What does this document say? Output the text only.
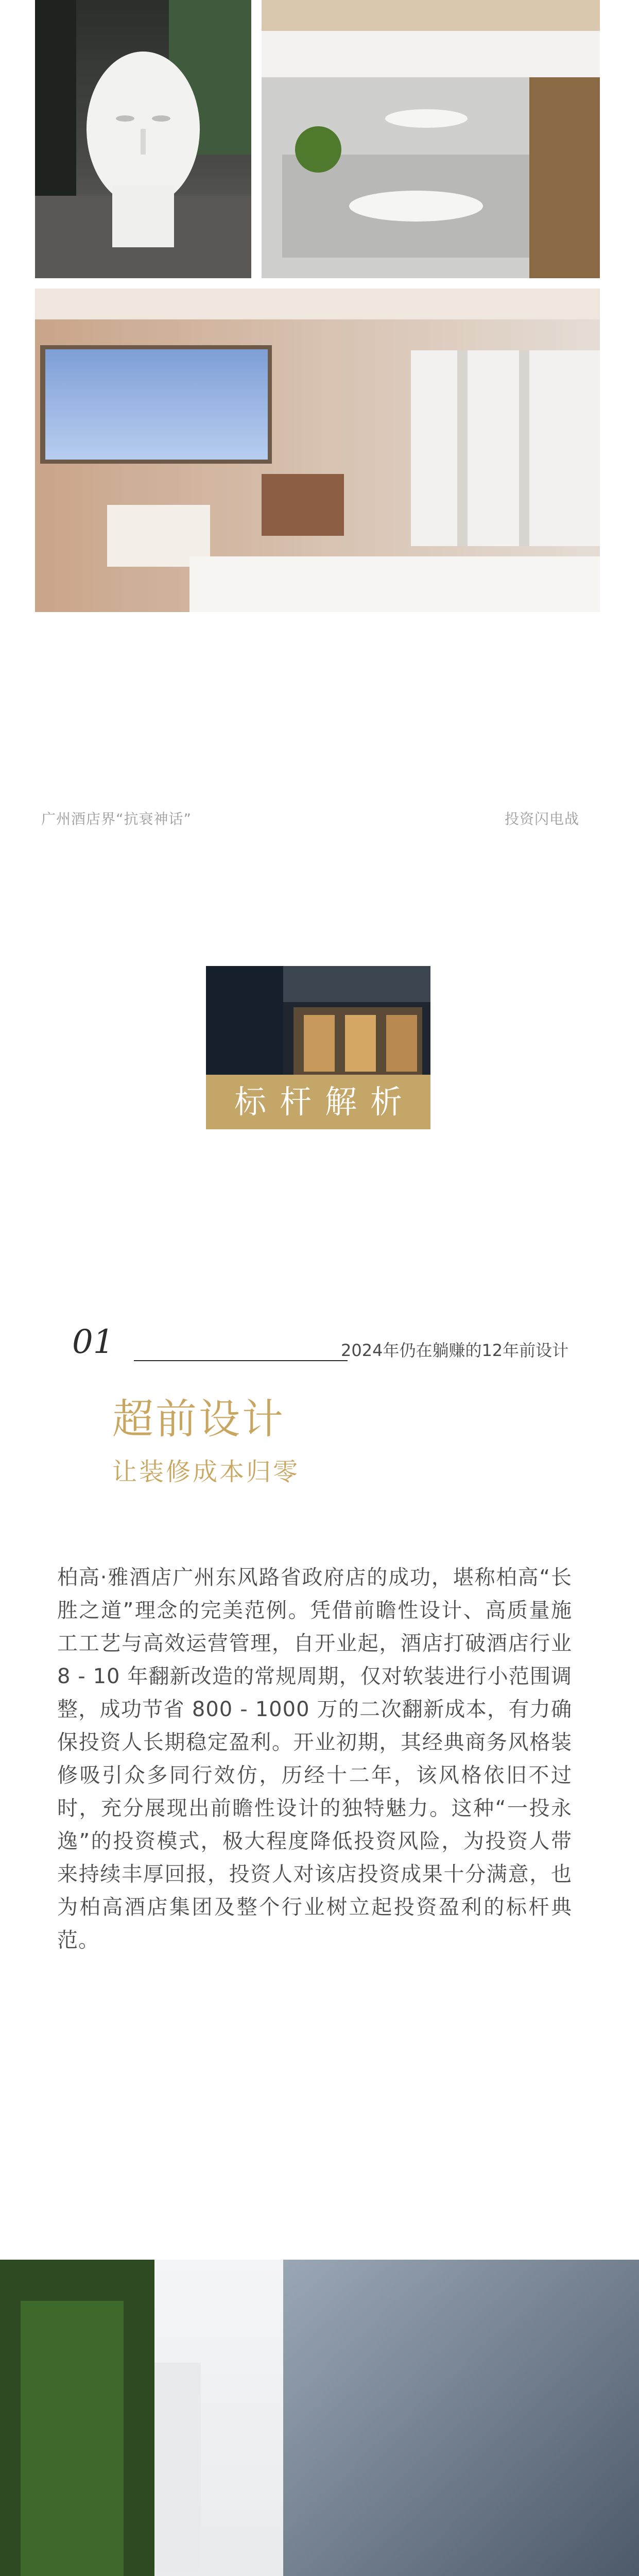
广州酒店界“抗衰神话”	投资闪电战
标杆解析
01	2024年仍在躺赚的12年前设计
超前设计
让装修成本归零
柏高·雅酒店广州东风路省政府店的成功，堪称柏高“长胜之道”理念的完美范例。凭借前瞻性设计、高质量施工工艺与高效运营管理，自开业起，酒店打破酒店行业 8 - 10 年翻新改造的常规周期，仅对软装进行小范围调整，成功节省 800 - 1000 万的二次翻新成本，有力确保投资人长期稳定盈利。开业初期，其经典商务风格装修吸引众多同行效仿，历经十二年，该风格依旧不过时，充分展现出前瞻性设计的独特魅力。这种“一投永逸”的投资模式，极大程度降低投资风险，为投资人带来持续丰厚回报，投资人对该店投资成果十分满意，也为柏高酒店集团及整个行业树立起投资盈利的标杆典范。
